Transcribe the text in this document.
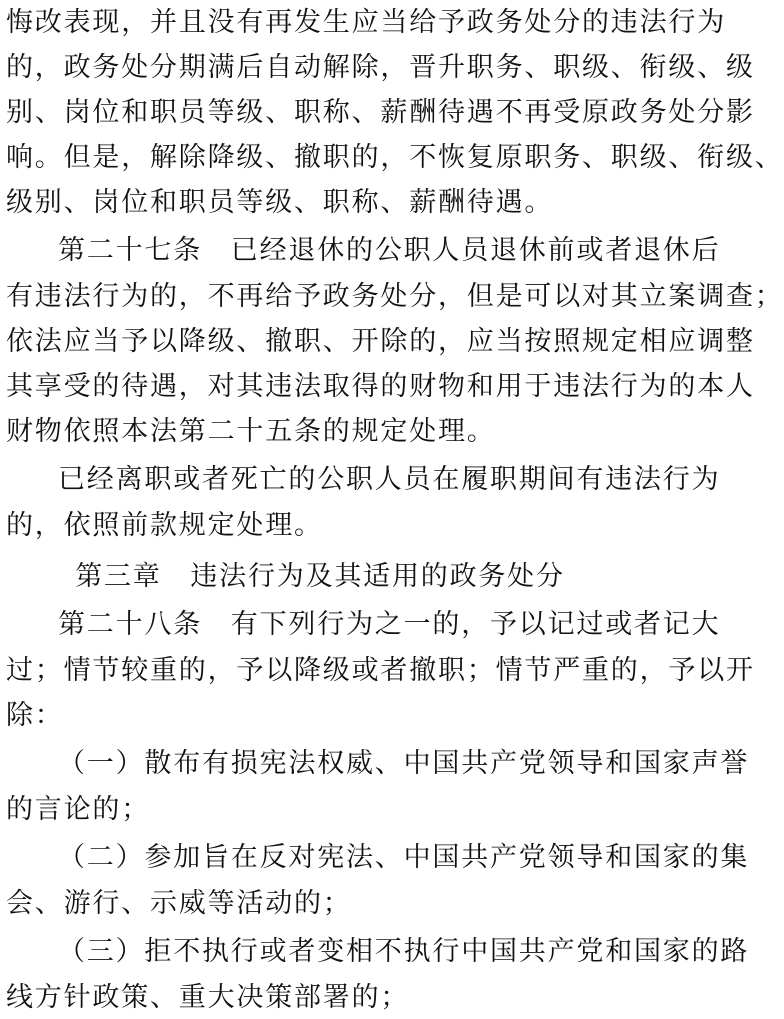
悔改表现，并且没有再发生应当给予政务处分的违法行为
的，政务处分期满后自动解除，晋升职务、职级、衔级、级
别、岗位和职员等级、职称、薪酬待遇不再受原政务处分影
响。但是，解除降级、撤职的，不恢复原职务、职级、衔级、
级别、岗位和职员等级、职称、薪酬待遇。
第二十七条　已经退休的公职人员退休前或者退休后
有违法行为的，不再给予政务处分，但是可以对其立案调查；
依法应当予以降级、撤职、开除的，应当按照规定相应调整
其享受的待遇，对其违法取得的财物和用于违法行为的本人
财物依照本法第二十五条的规定处理。
已经离职或者死亡的公职人员在履职期间有违法行为
的，依照前款规定处理。
第三章　违法行为及其适用的政务处分
第二十八条　有下列行为之一的，予以记过或者记大
过；情节较重的，予以降级或者撤职；情节严重的，予以开
除：
（一）散布有损宪法权威、中国共产党领导和国家声誉
的言论的；
（二）参加旨在反对宪法、中国共产党领导和国家的集
会、游行、示威等活动的；
（三）拒不执行或者变相不执行中国共产党和国家的路
线方针政策、重大决策部署的；
